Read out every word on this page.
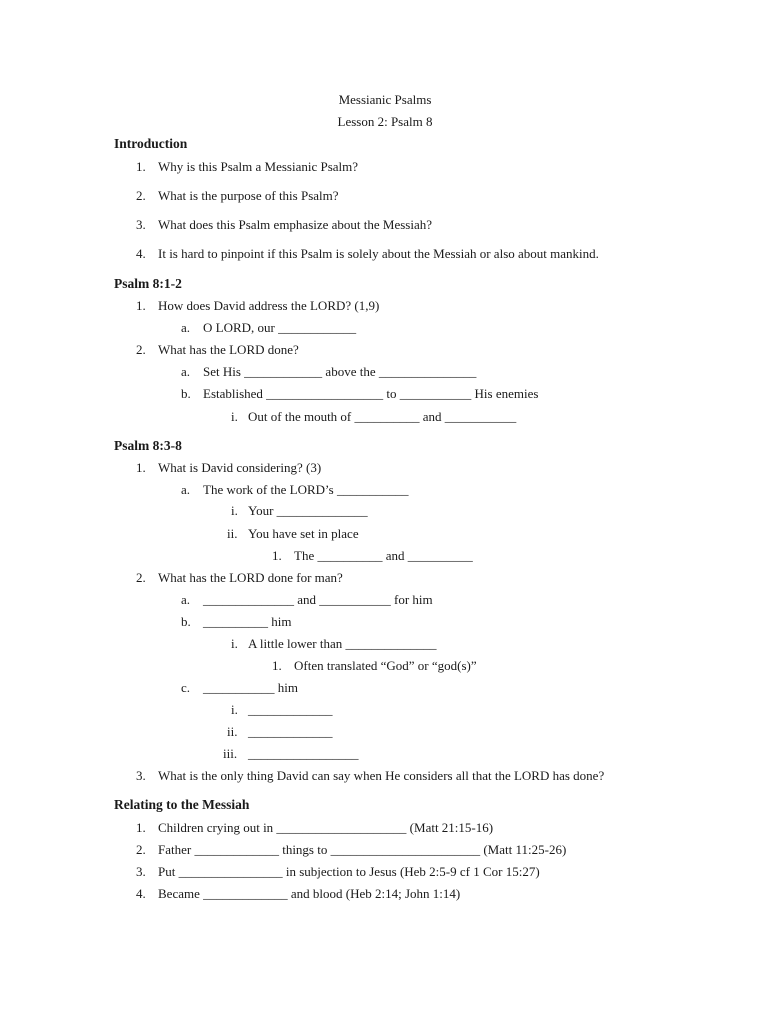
Messianic Psalms
Lesson 2: Psalm 8
Introduction
1. Why is this Psalm a Messianic Psalm?
2. What is the purpose of this Psalm?
3. What does this Psalm emphasize about the Messiah?
4. It is hard to pinpoint if this Psalm is solely about the Messiah or also about mankind.
Psalm 8:1-2
1. How does David address the LORD? (1,9)
a. O LORD, our ____________
2. What has the LORD done?
a. Set His ____________ above the _______________
b. Established __________________ to ___________ His enemies
i. Out of the mouth of __________ and ___________
Psalm 8:3-8
1. What is David considering? (3)
a. The work of the LORD’s ___________
i. Your ______________
ii. You have set in place
1. The __________ and __________
2. What has the LORD done for man?
a. ______________ and ___________ for him
b. __________ him
i. A little lower than ______________
1. Often translated “God” or “god(s)”
c. ___________ him
i. _____________
ii. _____________
iii. _________________
3. What is the only thing David can say when He considers all that the LORD has done?
Relating to the Messiah
1. Children crying out in ____________________ (Matt 21:15-16)
2. Father _____________ things to _______________________ (Matt 11:25-26)
3. Put ________________ in subjection to Jesus (Heb 2:5-9 cf 1 Cor 15:27)
4. Became _____________ and blood (Heb 2:14; John 1:14)
